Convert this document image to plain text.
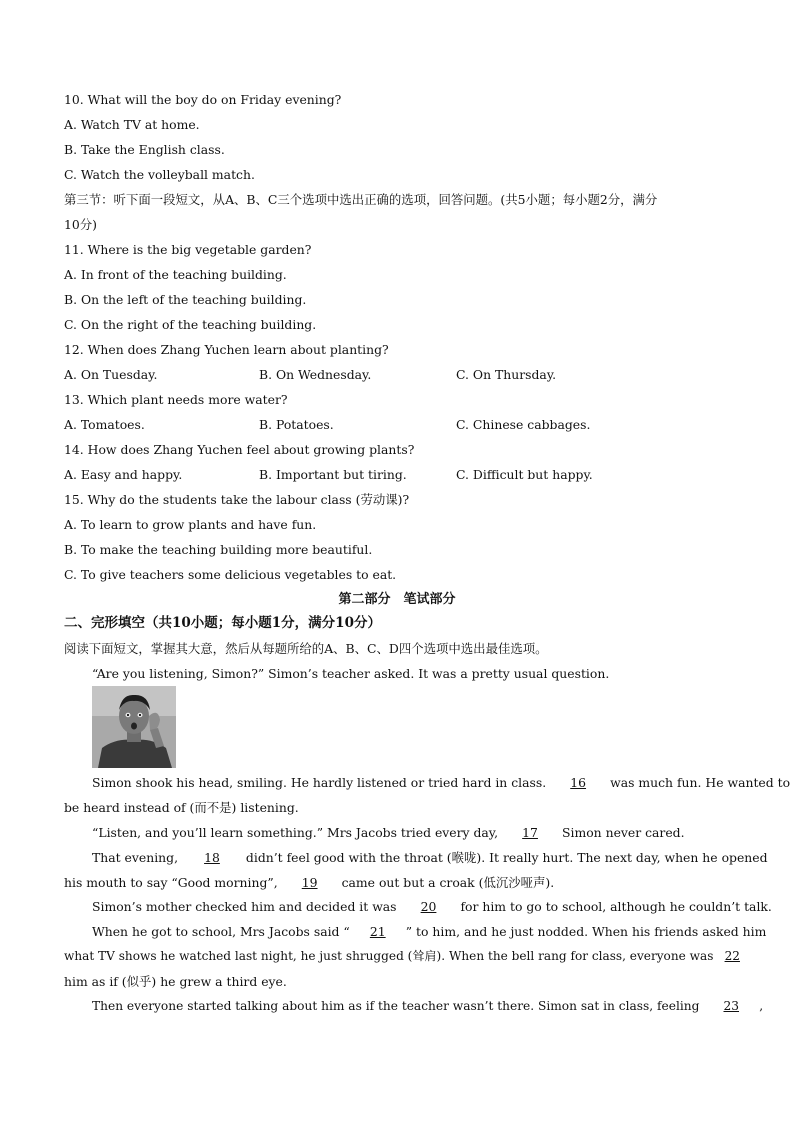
10. What will the boy do on Friday evening?
A. Watch TV at home.
B. Take the English class.
C. Watch the volleyball match.
第三节：听下面一段短文，从A、B、C三个选项中选出正确的选项，回答问题。(共5小题；每小题2分，满分
10分)
11. Where is the big vegetable garden?
A. In front of the teaching building.
B. On the left of the teaching building.
C. On the right of the teaching building.
12. When does Zhang Yuchen learn about planting?
A. On Tuesday.	B. On Wednesday.	C. On Thursday.
13. Which plant needs more water?
A. Tomatoes.	B. Potatoes.	C. Chinese cabbages.
14. How does Zhang Yuchen feel about growing plants?
A. Easy and happy.	B. Important but tiring.	C. Difficult but happy.
15. Why do the students take the labour class (劳动课)?
A. To learn to grow plants and have fun.
B. To make the teaching building more beautiful.
C. To give teachers some delicious vegetables to eat.
第二部分　笔试部分
二、完形填空（共10小题；每小题1分，满分10分）
阅读下面短文，掌握其大意，然后从每题所给的A、B、C、D四个选项中选出最佳选项。
“Are you listening, Simon?” Simon’s teacher asked. It was a pretty usual question.
Simon shook his head, smiling. He hardly listened or tried hard in class. 16 was much fun. He wanted to
be heard instead of (而不是) listening.
“Listen, and you’ll learn something.” Mrs Jacobs tried every day, 17 Simon never cared.
That evening, 18 didn’t feel good with the throat (喉咙). It really hurt. The next day, when he opened
his mouth to say “Good morning”, 19 came out but a croak (低沉沙哑声).
Simon’s mother checked him and decided it was 20 for him to go to school, although he couldn’t talk.
When he got to school, Mrs Jacobs said “ 21 ” to him, and he just nodded. When his friends asked him
what TV shows he watched last night, he just shrugged (耸肩). When the bell rang for class, everyone was 22
him as if (似乎) he grew a third eye.
Then everyone started talking about him as if the teacher wasn’t there. Simon sat in class, feeling 23 ,
